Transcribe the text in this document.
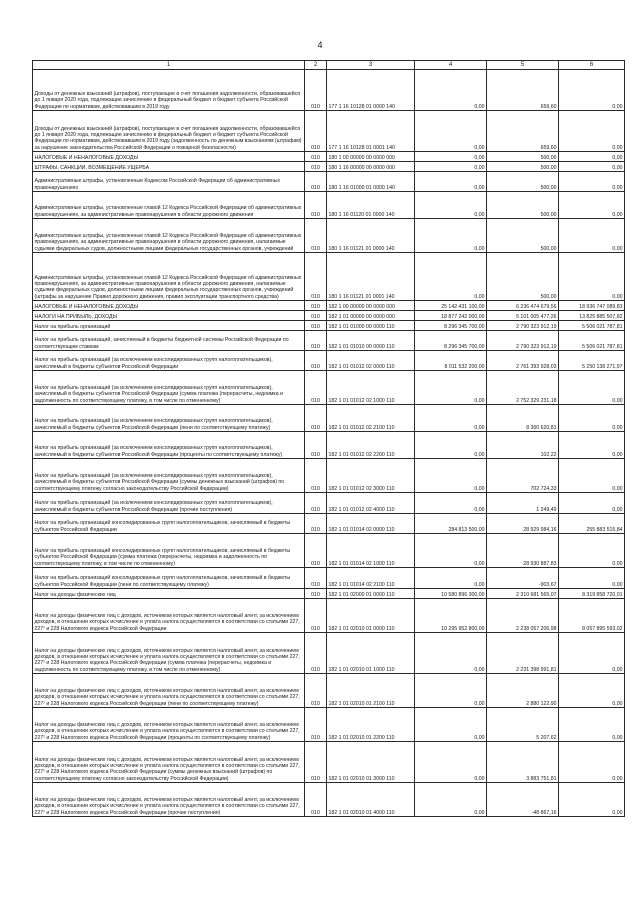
4
1	2	3	4	5	6
Доходы от денежных взысканий (штрафов), поступающие в счет погашения задолженности, образовавшейся до 1 января 2020 года, подлежащие зачислению в федеральный бюджет и бюджет субъекта Российской Федерации по нормативам, действовавшим в 2019 году	010	177 1 16 10128 01 0000 140	0,00	659,60	0,00
Доходы от денежных взысканий (штрафов), поступающие в счет погашения задолженности, образовавшейся до 1 января 2020 года, подлежащие зачислению в федеральный бюджет и бюджет субъекта Российской Федерации по нормативам, действовавшим в 2019 году (задолженность по денежным взысканиям (штрафам) за нарушение законодательства Российской Федерации о пожарной безопасности)	010	177 1 16 10128 01 0001 140	0,00	659,60	0,00
НАЛОГОВЫЕ И НЕНАЛОГОВЫЕ ДОХОДЫ	010	180 1 00 00000 00 0000 000	0,00	500,00	0,00
ШТРАФЫ, САНКЦИИ, ВОЗМЕЩЕНИЕ УЩЕРБА	010	180 1 16 00000 00 0000 000	0,00	500,00	0,00
Административные штрафы, установленные Кодексом Российской Федерации об административных правонарушениях	010	180 1 16 01000 01 0000 140	0,00	500,00	0,00
Административные штрафы, установленные главой 12 Кодекса Российской Федерации об административных правонарушениях, за административные правонарушения в области дорожного движения	010	180 1 16 01120 01 0000 140	0,00	500,00	0,00
Административные штрафы, установленные главой 12 Кодекса Российской Федерации об административных правонарушениях, за административные правонарушения в области дорожного движения, налагаемые судьями федеральных судов, должностными лицами федеральных государственных органов, учреждений	010	180 1 16 01121 01 0000 140	0,00	500,00	0,00
Административные штрафы, установленные главой 12 Кодекса Российской Федерации об административных правонарушениях, за административные правонарушения в области дорожного движения, налагаемые судьями федеральных судов, должностными лицами федеральных государственных органов, учреждений (штрафы за нарушение Правил дорожного движения, правил эксплуатации транспортного средства)	010	180 1 16 01121 01 0001 140	0,00	500,00	0,00
НАЛОГОВЫЕ И НЕНАЛОГОВЫЕ ДОХОДЫ	010	182 1 00 00000 00 0000 000	25 142 431 100,00	6 236 474 679,56	18 936 747 089,83
НАЛОГИ НА ПРИБЫЛЬ, ДОХОДЫ	010	182 1 01 00000 00 0000 000	18 877 242 000,00	5 101 005 477,26	13 825 885 507,82
Налог на прибыль организаций	010	182 1 01 01000 00 0000 110	8 296 345 700,00	2 790 323 912,19	5 506 021 787,81
Налог на прибыль организаций, зачисляемый в бюджеты бюджетной системы Российской Федерации по соответствующим ставкам	010	182 1 01 01010 00 0000 110	8 296 345 700,00	2 790 323 912,19	5 506 021 787,81
Налог на прибыль организаций (за исключением консолидированных групп налогоплательщиков), зачисляемый в бюджеты субъектов Российской Федерации	010	182 1 01 01012 02 0000 110	8 011 532 200,00	2 761 393 928,03	5 250 138 271,97
Налог на прибыль организаций (за исключением консолидированных групп налогоплательщиков), зачисляемый в бюджеты субъектов Российской Федерации (сумма платежа (перерасчеты, недоимка и задолженность по соответствующему платежу, в том числе по отмененному)	010	182 1 01 01012 02 1000 110	0,00	2 752 329 231,18	0,00
Налог на прибыль организаций (за исключением консолидированных групп налогоплательщиков), зачисляемый в бюджеты субъектов Российской Федерации (пени по соответствующему платежу)	010	182 1 01 01012 02 2100 110	0,00	8 360 620,81	0,00
Налог на прибыль организаций (за исключением консолидированных групп налогоплательщиков), зачисляемый в бюджеты субъектов Российской Федерации (проценты по соответствующему платежу)	010	182 1 01 01012 02 2200 110	0,00	102,22	0,00
Налог на прибыль организаций (за исключением консолидированных групп налогоплательщиков), зачисляемый в бюджеты субъектов Российской Федерации (суммы денежных взысканий (штрафов) по соответствующему платежу согласно законодательству Российской Федерации)	010	182 1 01 01012 02 3000 110	0,00	702 724,33	0,00
Налог на прибыль организаций (за исключением консолидированных групп налогоплательщиков), зачисляемый в бюджеты субъектов Российской Федерации (прочие поступления)	010	182 1 01 01012 02 4000 110	0,00	1 249,49	0,00
Налог на прибыль организаций консолидированных групп налогоплательщиков, зачисляемый в бюджеты субъектов Российской Федерации	010	182 1 01 01014 02 0000 110	284 813 500,00	28 929 984,16	255 883 515,84
Налог на прибыль организаций консолидированных групп налогоплательщиков, зачисляемый в бюджеты субъектов Российской Федерации (сумма платежа (перерасчеты, недоимка и задолженность по соответствующему платежу, в том числе по отмененному)	010	182 1 01 01014 02 1000 110	0,00	28 930 887,83	0,00
Налог на прибыль организаций консолидированных групп налогоплательщиков, зачисляемый в бюджеты субъектов Российской Федерации (пени по соответствующему платежу)	010	182 1 01 01014 02 2100 110	0,00	-903,67	0,00
Налог на доходы физических лиц	010	182 1 01 02000 01 0000 110	10 580 896 300,00	2 310 681 565,07	8 319 858 720,01
Налог на доходы физических лиц с доходов, источником которых является налоговый агент, за исключением доходов, в отношении которых исчисление и уплата налога осуществляются в соответствии со статьями 227, 227¹ и 228 Налогового кодекса Российской Федерации	010	182 1 01 02010 01 0000 110	10 295 952 800,00	2 238 057 206,98	8 057 895 593,02
Налог на доходы физических лиц с доходов, источником которых является налоговый агент, за исключением доходов, в отношении которых исчисление и уплата налога осуществляются в соответствии со статьями 227, 227¹ и 228 Налогового кодекса Российской Федерации (сумма платежа (перерасчеты, недоимка и задолженность по соответствующему платежу, в том числе по отмененному)	010	182 1 01 02010 01 1000 110	0,00	2 231 398 991,81	0,00
Налог на доходы физических лиц с доходов, источником которых является налоговый агент, за исключением доходов, в отношении которых исчисление и уплата налога осуществляются в соответствии со статьями 227, 227¹ и 228 Налогового кодекса Российской Федерации (пени по соответствующему платежу)	010	182 1 01 02010 01 2100 110	0,00	2 880 122,90	0,00
Налог на доходы физических лиц с доходов, источником которых является налоговый агент, за исключением доходов, в отношении которых исчисление и уплата налога осуществляются в соответствии со статьями 227, 227¹ и 228 Налогового кодекса Российской Федерации (проценты по соответствующему платежу)	010	182 1 01 02010 01 2200 110	0,00	5 207,62	0,00
Налог на доходы физических лиц с доходов, источником которых является налоговый агент, за исключением доходов, в отношении которых исчисление и уплата налога осуществляются в соответствии со статьями 227, 227¹ и 228 Налогового кодекса Российской Федерации (суммы денежных взысканий (штрафов) по соответствующему платежу согласно законодательству Российской Федерации)	010	182 1 01 02010 01 3000 110	0,00	3 883 751,81	0,00
Налог на доходы физических лиц с доходов, источником которых является налоговый агент, за исключением доходов, в отношении которых исчисление и уплата налога осуществляются в соответствии со статьями 227, 227¹ и 228 Налогового кодекса Российской Федерации (прочие поступления)	010	182 1 01 02010 01 4000 110	0,00	-48 867,16	0,00
